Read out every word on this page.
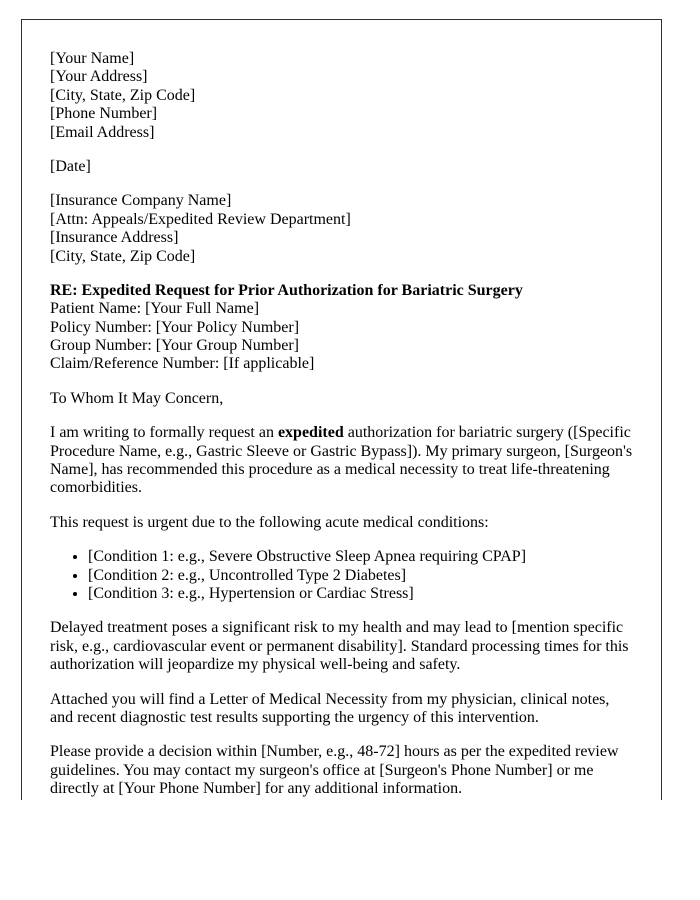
[Your Name]
[Your Address]
[City, State, Zip Code]
[Phone Number]
[Email Address]
[Date]
[Insurance Company Name]
[Attn: Appeals/Expedited Review Department]
[Insurance Address]
[City, State, Zip Code]
RE: Expedited Request for Prior Authorization for Bariatric Surgery
Patient Name: [Your Full Name]
Policy Number: [Your Policy Number]
Group Number: [Your Group Number]
Claim/Reference Number: [If applicable]
To Whom It May Concern,
I am writing to formally request an expedited authorization for bariatric surgery ([Specific Procedure Name, e.g., Gastric Sleeve or Gastric Bypass]). My primary surgeon, [Surgeon's Name], has recommended this procedure as a medical necessity to treat life-threatening comorbidities.
This request is urgent due to the following acute medical conditions:
• [Condition 1: e.g., Severe Obstructive Sleep Apnea requiring CPAP]
• [Condition 2: e.g., Uncontrolled Type 2 Diabetes]
• [Condition 3: e.g., Hypertension or Cardiac Stress]
Delayed treatment poses a significant risk to my health and may lead to [mention specific risk, e.g., cardiovascular event or permanent disability]. Standard processing times for this authorization will jeopardize my physical well-being and safety.
Attached you will find a Letter of Medical Necessity from my physician, clinical notes, and recent diagnostic test results supporting the urgency of this intervention.
Please provide a decision within [Number, e.g., 48-72] hours as per the expedited review guidelines. You may contact my surgeon's office at [Surgeon's Phone Number] or me directly at [Your Phone Number] for any additional information.
